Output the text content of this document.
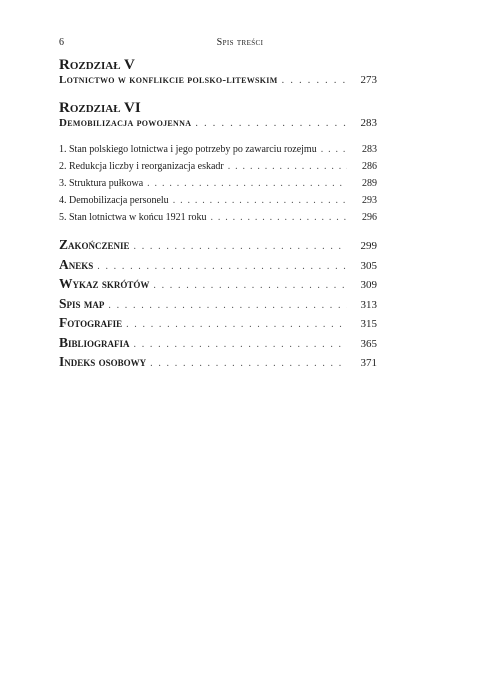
6	Spis treści
Rozdział V
Lotnictwo w konflikcie polsko-litewskim . . .	273
Rozdział VI
Demobilizacja powojenna . . .	283
1. Stan polskiego lotnictwa i jego potrzeby po zawarciu rozejmu . . .	283
2. Redukcja liczby i reorganizacja eskadr . . .	286
3. Struktura pułkowa . . .	289
4. Demobilizacja personelu . . .	293
5. Stan lotnictwa w końcu 1921 roku . . .	296
Zakończenie . . .	299
Aneks . . .	305
Wykaz skrótów . . .	309
Spis map . . .	313
Fotografie . . .	315
Bibliografia . . .	365
Indeks osobowy . . .	371
